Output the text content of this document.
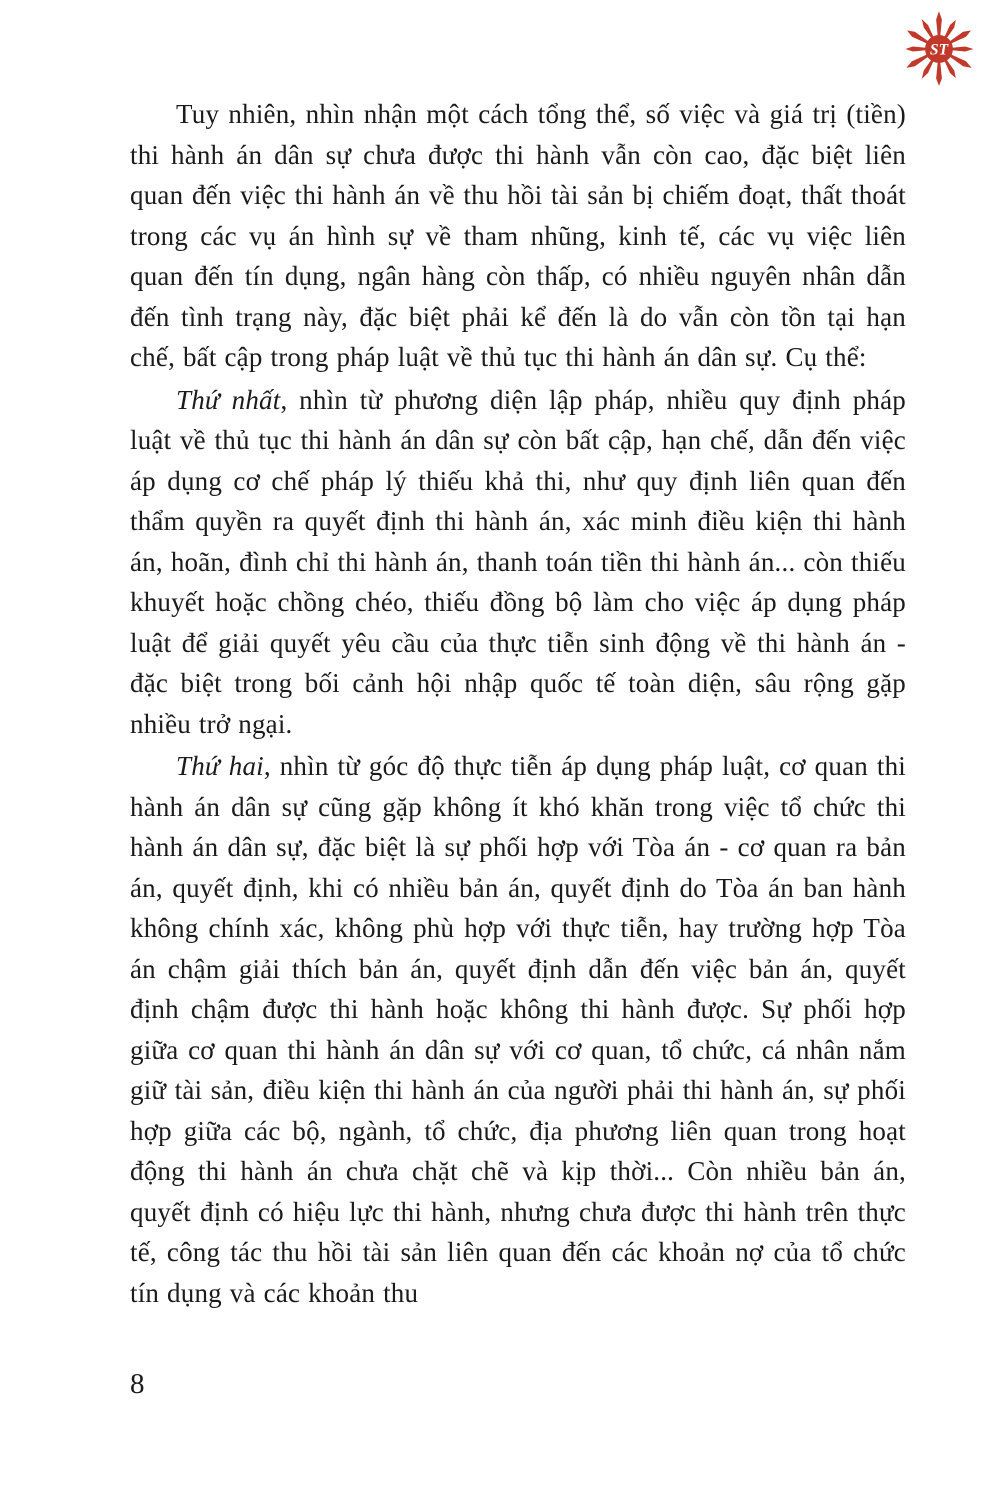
ST

Tuy nhiên, nhìn nhận một cách tổng thể, số việc và giá trị (tiền) thi hành án dân sự chưa được thi hành vẫn còn cao, đặc biệt liên quan đến việc thi hành án về thu hồi tài sản bị chiếm đoạt, thất thoát trong các vụ án hình sự về tham nhũng, kinh tế, các vụ việc liên quan đến tín dụng, ngân hàng còn thấp, có nhiều nguyên nhân dẫn đến tình trạng này, đặc biệt phải kể đến là do vẫn còn tồn tại hạn chế, bất cập trong pháp luật về thủ tục thi hành án dân sự. Cụ thể:

Thứ nhất, nhìn từ phương diện lập pháp, nhiều quy định pháp luật về thủ tục thi hành án dân sự còn bất cập, hạn chế, dẫn đến việc áp dụng cơ chế pháp lý thiếu khả thi, như quy định liên quan đến thẩm quyền ra quyết định thi hành án, xác minh điều kiện thi hành án, hoãn, đình chỉ thi hành án, thanh toán tiền thi hành án... còn thiếu khuyết hoặc chồng chéo, thiếu đồng bộ làm cho việc áp dụng pháp luật để giải quyết yêu cầu của thực tiễn sinh động về thi hành án - đặc biệt trong bối cảnh hội nhập quốc tế toàn diện, sâu rộng gặp nhiều trở ngại.

Thứ hai, nhìn từ góc độ thực tiễn áp dụng pháp luật, cơ quan thi hành án dân sự cũng gặp không ít khó khăn trong việc tổ chức thi hành án dân sự, đặc biệt là sự phối hợp với Tòa án - cơ quan ra bản án, quyết định, khi có nhiều bản án, quyết định do Tòa án ban hành không chính xác, không phù hợp với thực tiễn, hay trường hợp Tòa án chậm giải thích bản án, quyết định dẫn đến việc bản án, quyết định chậm được thi hành hoặc không thi hành được. Sự phối hợp giữa cơ quan thi hành án dân sự với cơ quan, tổ chức, cá nhân nắm giữ tài sản, điều kiện thi hành án của người phải thi hành án, sự phối hợp giữa các bộ, ngành, tổ chức, địa phương liên quan trong hoạt động thi hành án chưa chặt chẽ và kịp thời... Còn nhiều bản án, quyết định có hiệu lực thi hành, nhưng chưa được thi hành trên thực tế, công tác thu hồi tài sản liên quan đến các khoản nợ của tổ chức tín dụng và các khoản thu

8
